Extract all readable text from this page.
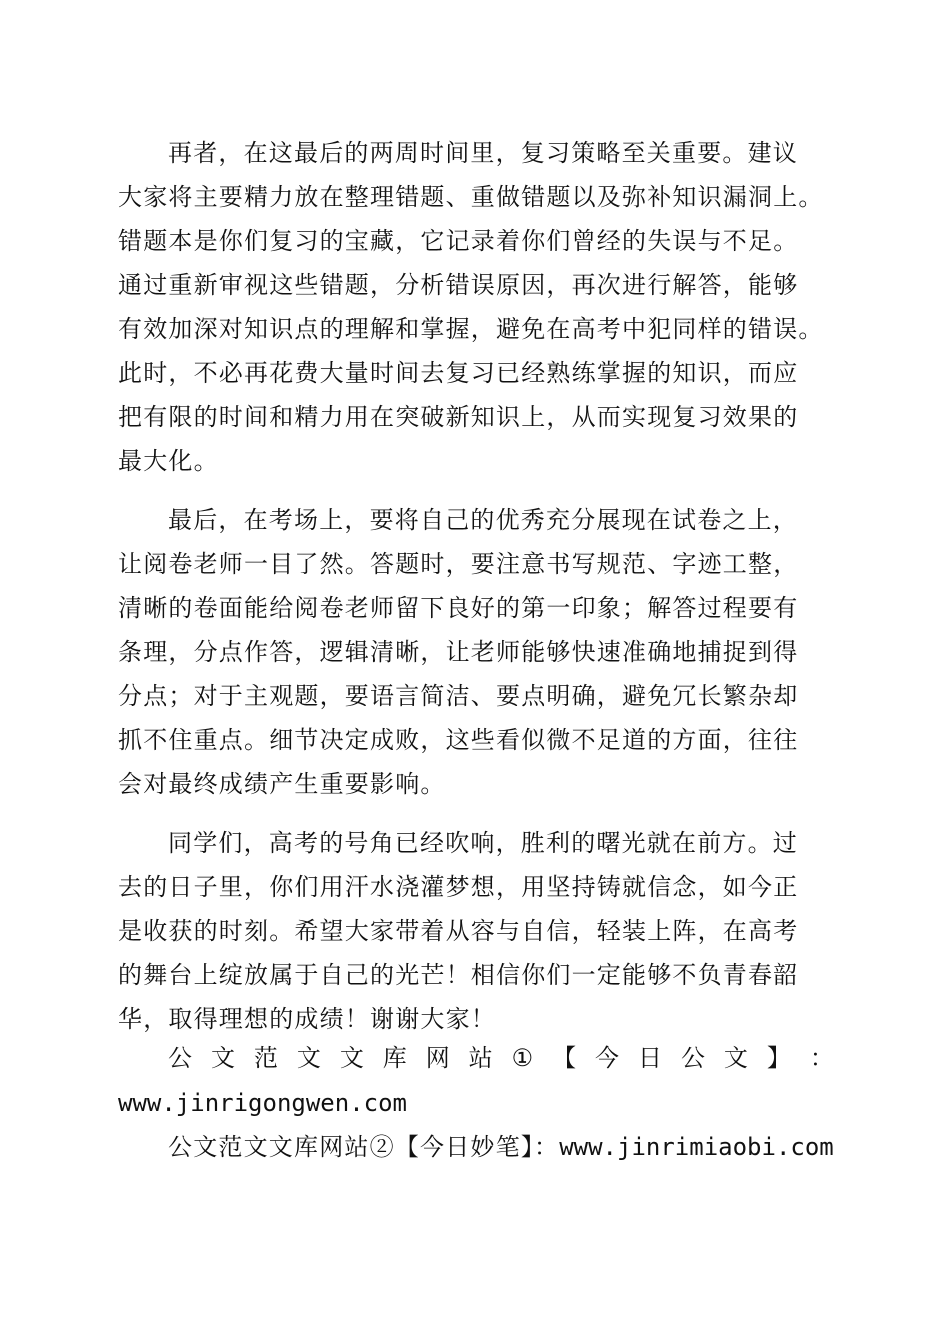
再者，在这最后的两周时间里，复习策略至关重要。建议
大家将主要精力放在整理错题、重做错题以及弥补知识漏洞上。
错题本是你们复习的宝藏，它记录着你们曾经的失误与不足。
通过重新审视这些错题，分析错误原因，再次进行解答，能够
有效加深对知识点的理解和掌握，避免在高考中犯同样的错误。
此时，不必再花费大量时间去复习已经熟练掌握的知识，而应
把有限的时间和精力用在突破新知识上，从而实现复习效果的
最大化。
最后，在考场上，要将自己的优秀充分展现在试卷之上，
让阅卷老师一目了然。答题时，要注意书写规范、字迹工整，
清晰的卷面能给阅卷老师留下良好的第一印象；解答过程要有
条理，分点作答，逻辑清晰，让老师能够快速准确地捕捉到得
分点；对于主观题，要语言简洁、要点明确，避免冗长繁杂却
抓不住重点。细节决定成败，这些看似微不足道的方面，往往
会对最终成绩产生重要影响。
同学们，高考的号角已经吹响，胜利的曙光就在前方。过
去的日子里，你们用汗水浇灌梦想，用坚持铸就信念，如今正
是收获的时刻。希望大家带着从容与自信，轻装上阵，在高考
的舞台上绽放属于自己的光芒！相信你们一定能够不负青春韶
华，取得理想的成绩！谢谢大家！
公 文 范 文 文 库 网 站 ① 【 今 日 公 文 】 ：
www.jinrigongwen.com
公文范文文库网站②【今日妙笔】：www.jinrimiaobi.com
